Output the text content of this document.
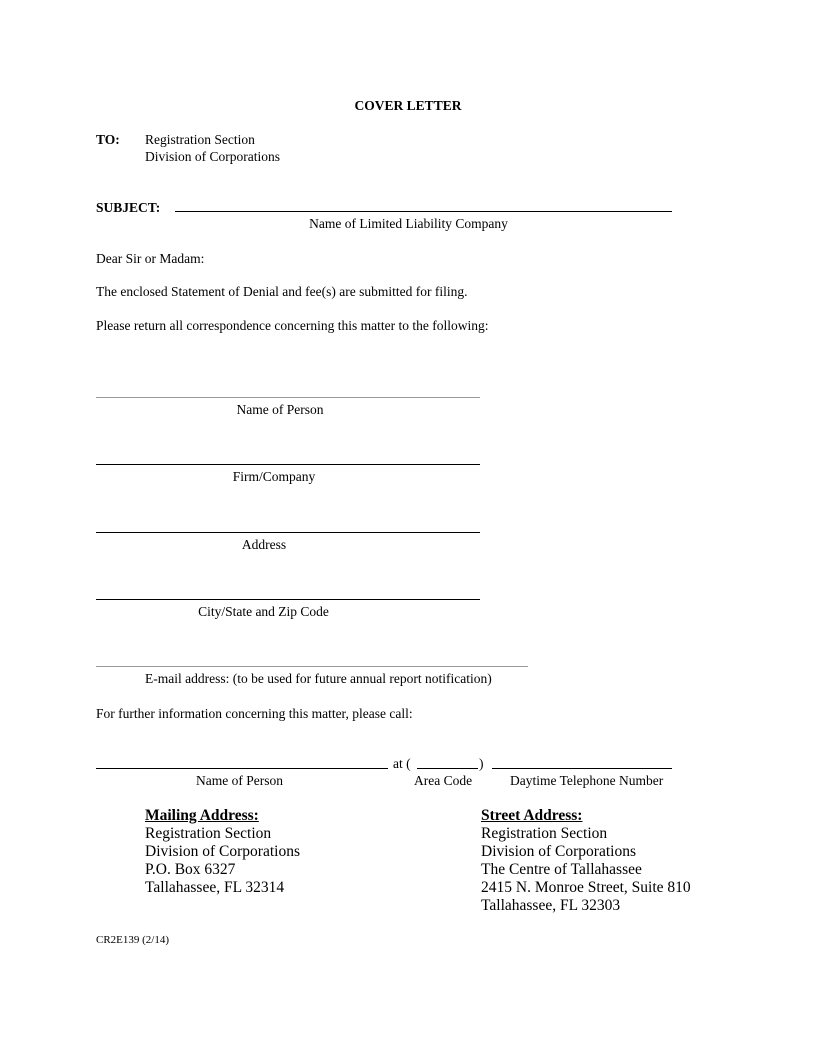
COVER LETTER
TO: Registration Section
Division of Corporations
SUBJECT:
Name of Limited Liability Company
Dear Sir or Madam:
The enclosed Statement of Denial and fee(s) are submitted for filing.
Please return all correspondence concerning this matter to the following:
Name of Person
Firm/Company
Address
City/State and Zip Code
E-mail address: (to be used for future annual report notification)
For further information concerning this matter, please call:
at (	)
Name of Person	Area Code	Daytime Telephone Number
Mailing Address:
Registration Section
Division of Corporations
P.O. Box 6327
Tallahassee, FL 32314
Street Address:
Registration Section
Division of Corporations
The Centre of Tallahassee
2415 N. Monroe Street, Suite 810
Tallahassee, FL 32303
CR2E139 (2/14)
